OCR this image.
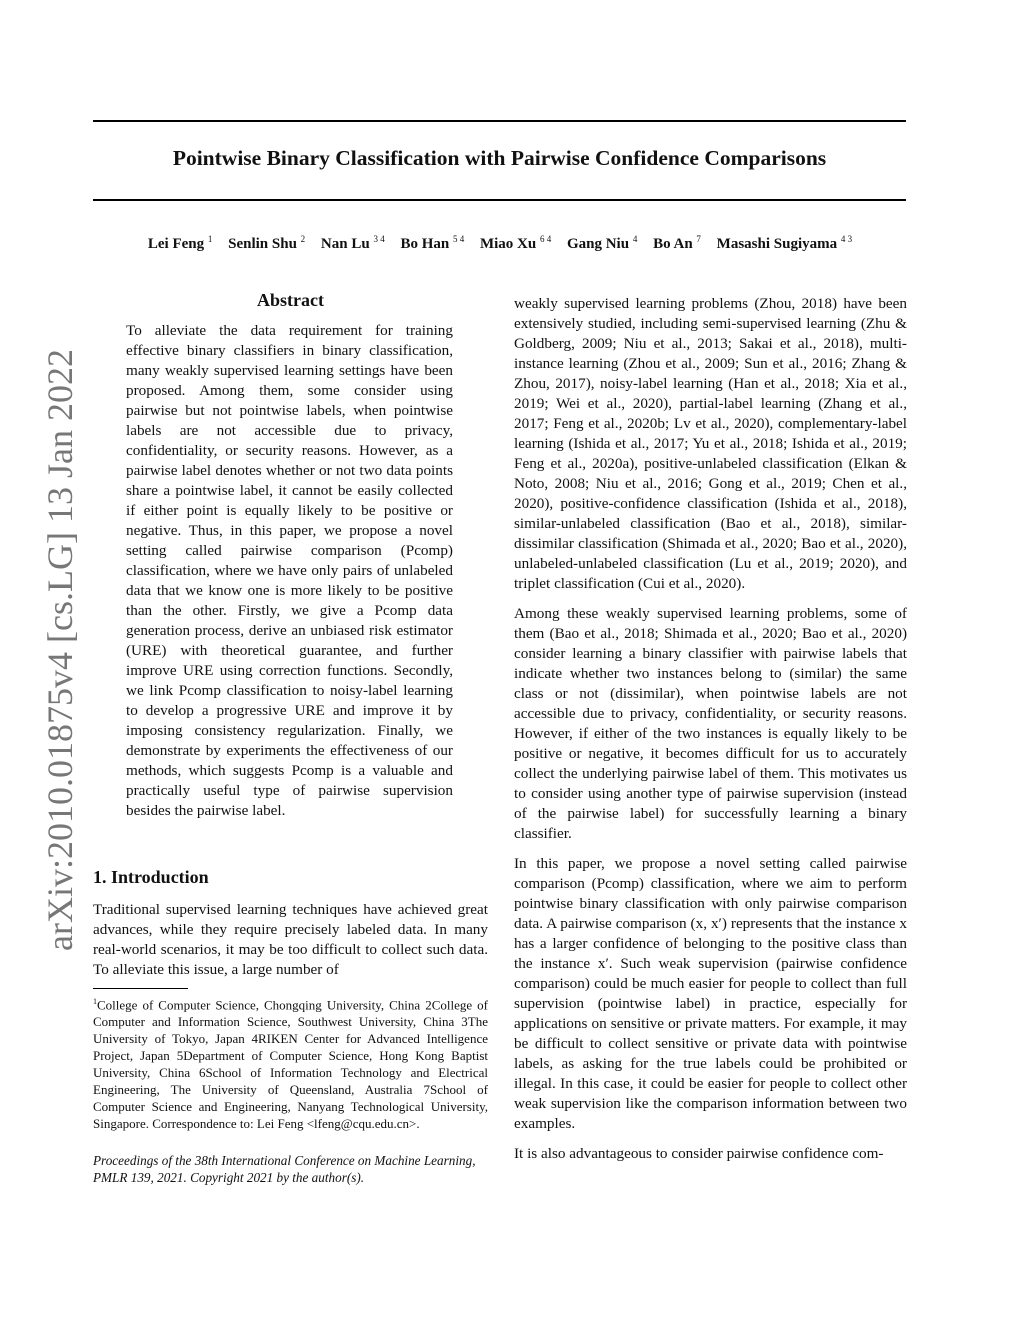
Pointwise Binary Classification with Pairwise Confidence Comparisons
Lei Feng $^1$ Senlin Shu $^2$ Nan Lu $^{3 4}$ Bo Han $^{5 4}$ Miao Xu $^{6 4}$ Gang Niu $^4$ Bo An $^7$ Masashi Sugiyama $^{4 3}$
arXiv:2010.01875v4 [cs.LG] 13 Jan 2022
Abstract
To alleviate the data requirement for training effective binary classifiers in binary classification, many weakly supervised learning settings have been proposed. Among them, some consider using pairwise but not pointwise labels, when pointwise labels are not accessible due to privacy, confidentiality, or security reasons. However, as a pairwise label denotes whether or not two data points share a pointwise label, it cannot be easily collected if either point is equally likely to be positive or negative. Thus, in this paper, we propose a novel setting called pairwise comparison (Pcomp) classification, where we have only pairs of unlabeled data that we know one is more likely to be positive than the other. Firstly, we give a Pcomp data generation process, derive an unbiased risk estimator (URE) with theoretical guarantee, and further improve URE using correction functions. Secondly, we link Pcomp classification to noisy-label learning to develop a progressive URE and improve it by imposing consistency regularization. Finally, we demonstrate by experiments the effectiveness of our methods, which suggests Pcomp is a valuable and practically useful type of pairwise supervision besides the pairwise label.
1. Introduction

Traditional supervised learning techniques have achieved great advances, while they require precisely labeled data. In many real-world scenarios, it may be too difficult to collect such data. To alleviate this issue, a large number of

$^1$College of Computer Science, Chongqing University, China 2College of Computer and Information Science, Southwest University, China 3The University of Tokyo, Japan 4RIKEN Center for Advanced Intelligence Project, Japan 5Department of Computer Science, Hong Kong Baptist University, China 6School of Information Technology and Electrical Engineering, The University of Queensland, Australia 7School of Computer Science and Engineering, Nanyang Technological University, Singapore. Correspondence to: Lei Feng <lfeng@cqu.edu.cn>.

Proceedings of the 38th International Conference on Machine Learning, PMLR 139, 2021. Copyright 2021 by the author(s).

weakly supervised learning problems (Zhou, 2018) have been extensively studied, including semi-supervised learning (Zhu & Goldberg, 2009; Niu et al., 2013; Sakai et al., 2018), multi-instance learning (Zhou et al., 2009; Sun et al., 2016; Zhang & Zhou, 2017), noisy-label learning (Han et al., 2018; Xia et al., 2019; Wei et al., 2020), partial-label learning (Zhang et al., 2017; Feng et al., 2020b; Lv et al., 2020), complementary-label learning (Ishida et al., 2017; Yu et al., 2018; Ishida et al., 2019; Feng et al., 2020a), positive-unlabeled classification (Elkan & Noto, 2008; Niu et al., 2016; Gong et al., 2019; Chen et al., 2020), positive-confidence classification (Ishida et al., 2018), similar-unlabeled classification (Bao et al., 2018), similar-dissimilar classification (Shimada et al., 2020; Bao et al., 2020), unlabeled-unlabeled classification (Lu et al., 2019; 2020), and triplet classification (Cui et al., 2020).

Among these weakly supervised learning problems, some of them (Bao et al., 2018; Shimada et al., 2020; Bao et al., 2020) consider learning a binary classifier with pairwise labels that indicate whether two instances belong to (similar) the same class or not (dissimilar), when pointwise labels are not accessible due to privacy, confidentiality, or security reasons. However, if either of the two instances is equally likely to be positive or negative, it becomes difficult for us to accurately collect the underlying pairwise label of them. This motivates us to consider using another type of pairwise supervision (instead of the pairwise label) for successfully learning a binary classifier.

In this paper, we propose a novel setting called pairwise comparison (Pcomp) classification, where we aim to perform pointwise binary classification with only pairwise comparison data. A pairwise comparison (x, x′) represents that the instance x has a larger confidence of belonging to the positive class than the instance x′. Such weak supervision (pairwise confidence comparison) could be much easier for people to collect than full supervision (pointwise label) in practice, especially for applications on sensitive or private matters. For example, it may be difficult to collect sensitive or private data with pointwise labels, as asking for the true labels could be prohibited or illegal. In this case, it could be easier for people to collect other weak supervision like the comparison information between two examples.

It is also advantageous to consider pairwise confidence com-
